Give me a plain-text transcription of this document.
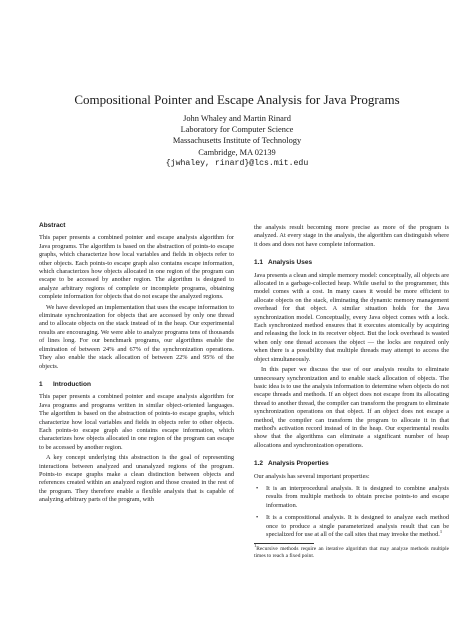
Compositional Pointer and Escape Analysis for Java Programs
John Whaley and Martin Rinard
Laboratory for Computer Science
Massachusetts Institute of Technology
Cambridge, MA 02139
{jwhaley, rinard}@lcs.mit.edu
Abstract

This paper presents a combined pointer and escape analysis algorithm for Java programs. The algorithm is based on the abstraction of points-to escape graphs, which characterize how local variables and fields in objects refer to other objects. Each points-to escape graph also contains escape information, which characterizes how objects allocated in one region of the program can escape to be accessed by another region. The algorithm is designed to analyze arbitrary regions of complete or incomplete programs, obtaining complete information for objects that do not escape the analyzed regions.

We have developed an implementation that uses the escape information to eliminate synchronization for objects that are accessed by only one thread and to allocate objects on the stack instead of in the heap. Our experimental results are encouraging. We were able to analyze programs tens of thousands of lines long. For our benchmark programs, our algorithms enable the elimination of between 24% and 67% of the synchronization operations. They also enable the stack allocation of between 22% and 95% of the objects.

1 Introduction

This paper presents a combined pointer and escape analysis algorithm for Java programs and programs written in similar object-oriented languages. The algorithm is based on the abstraction of points-to escape graphs, which characterize how local variables and fields in objects refer to other objects. Each points-to escape graph also contains escape information, which characterizes how objects allocated in one region of the program can escape to be accessed by another region.

A key concept underlying this abstraction is the goal of representing interactions between analyzed and unanalyzed regions of the program. Points-to escape graphs make a clean distinction between objects and references created within an analyzed region and those created in the rest of the program. They therefore enable a flexible analysis that is capable of analyzing arbitrary parts of the program, with

the analysis result becoming more precise as more of the program is analyzed. At every stage in the analysis, the algorithm can distinguish where it does and does not have complete information.

1.1 Analysis Uses

Java presents a clean and simple memory model: conceptually, all objects are allocated in a garbage-collected heap. While useful to the programmer, this model comes with a cost. In many cases it would be more efficient to allocate objects on the stack, eliminating the dynamic memory management overhead for that object. A similar situation holds for the Java synchronization model. Conceptually, every Java object comes with a lock. Each synchronized method ensures that it executes atomically by acquiring and releasing the lock in its receiver object. But the lock overhead is wasted when only one thread accesses the object — the locks are required only when there is a possibility that multiple threads may attempt to access the object simultaneously.

In this paper we discuss the use of our analysis results to eliminate unnecessary synchronization and to enable stack allocation of objects. The basic idea is to use the analysis information to determine when objects do not escape threads and methods. If an object does not escape from its allocating thread to another thread, the compiler can transform the program to eliminate synchronization operations on that object. If an object does not escape a method, the compiler can transform the program to allocate it in that method's activation record instead of in the heap. Our experimental results show that the algorithms can eliminate a significant number of heap allocations and synchronization operations.

1.2 Analysis Properties

Our analysis has several important properties:

• It is an interprocedural analysis. It is designed to combine analysis results from multiple methods to obtain precise points-to and escape information.
• It is a compositional analysis. It is designed to analyze each method once to produce a single parameterized analysis result that can be specialized for use at all of the call sites that may invoke the method.$^1$
$^1$Recursive methods require an iterative algorithm that may analyze methods multiple times to reach a fixed point.
